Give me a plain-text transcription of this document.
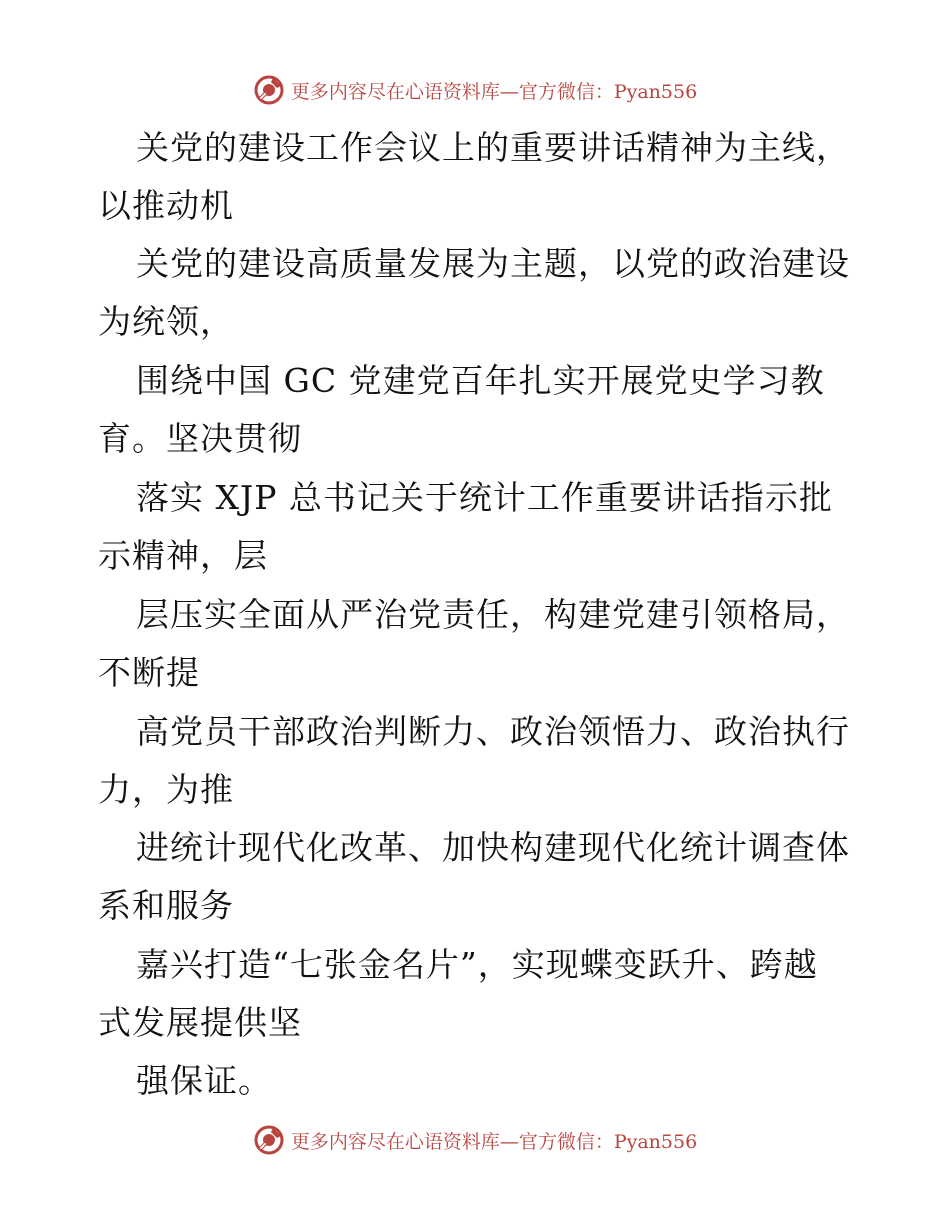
更多内容尽在心语资料库—官方微信：Pyan556
关党的建设工作会议上的重要讲话精神为主线，
以推动机
关党的建设高质量发展为主题，以党的政治建设
为统领，
围绕中国 GC 党建党百年扎实开展党史学习教
育。坚决贯彻
落实 XJP 总书记关于统计工作重要讲话指示批
示精神，层
层压实全面从严治党责任，构建党建引领格局，
不断提
高党员干部政治判断力、政治领悟力、政治执行
力，为推
进统计现代化改革、加快构建现代化统计调查体
系和服务
嘉兴打造“七张金名片”，实现蝶变跃升、跨越
式发展提供坚
强保证。
更多内容尽在心语资料库—官方微信：Pyan556
